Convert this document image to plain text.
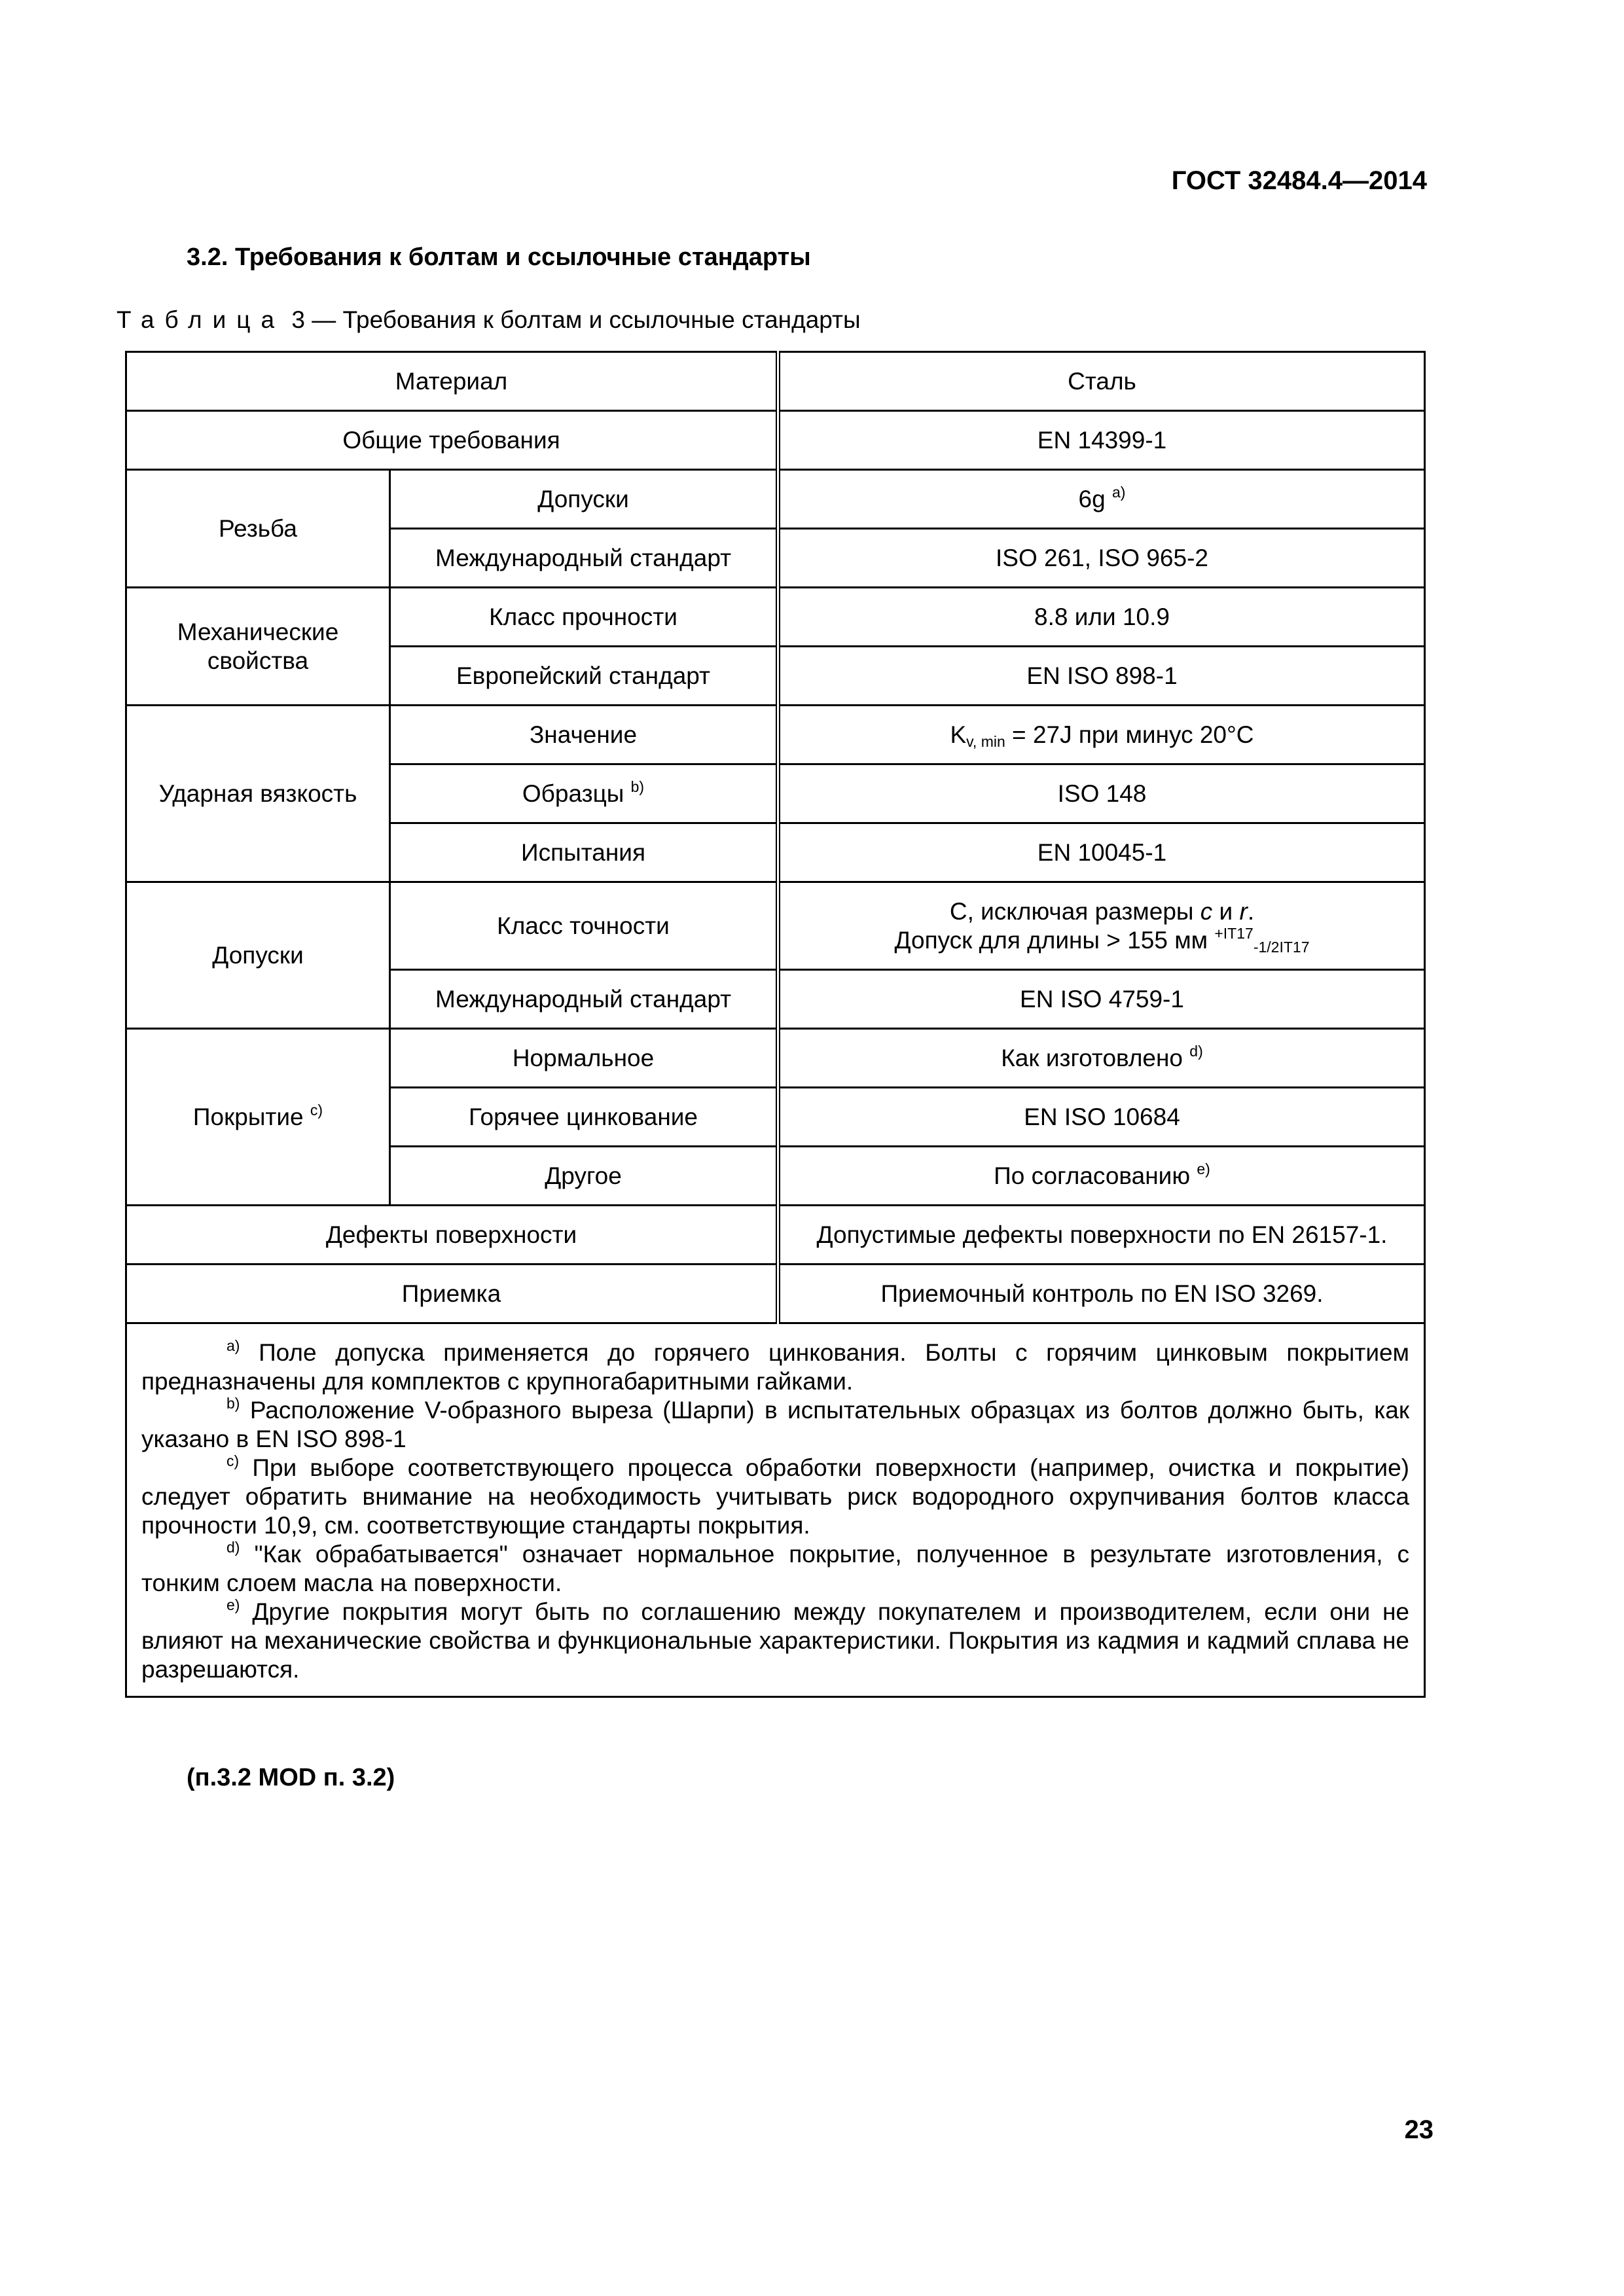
ГОСТ 32484.4—2014
3.2. Требования к болтам и ссылочные стандарты
Таблица 3 — Требования к болтам и ссылочные стандарты
Материал		Сталь
Общие требования		EN 14399-1
Резьба	Допуски	6g $^{a)}$
	Международный стандарт	ISO 261, ISO 965-2
Механические свойства	Класс прочности	8.8 или 10.9
	Европейский стандарт	EN ISO 898-1
Ударная вязкость	Значение	$K_{v, min} = 27J$ при минус 20°C
	Образцы $^{b)}$	ISO 148
	Испытания	EN 10045-1
Допуски	Класс точности	C, исключая размеры c и r.
Допуск для длины > 155 мм $^{+IT17}_{-1/2IT17}$

	Международный стандарт	EN ISO 4759-1
Покрытие $^{c)}$	Нормальное	Как изготовлено $^{d)}$
	Горячее цинкование	EN ISO 10684
	Другое	По согласованию $^{e)}$
Дефекты поверхности		Допустимые дефекты поверхности по EN 26157-1.
Приемка		Приемочный контроль по EN ISO 3269.

$^{a)}$ Поле допуска применяется до горячего цинкования. Болты с горячим цинковым покрытием предназначены для комплектов с крупногабаритными гайками.

$^{b)}$ Расположение V-образного выреза (Шарпи) в испытательных образцах из болтов должно быть, как указано в EN ISO 898-1

$^{c)}$ При выборе соответствующего процесса обработки поверхности (например, очистка и покрытие) следует обратить внимание на необходимость учитывать риск водородного охрупчивания болтов класса прочности 10,9, см. соответствующие стандарты покрытия.

$^{d)}$ "Как обрабатывается" означает нормальное покрытие, полученное в результате изготовления, с тонким слоем масла на поверхности.

$^{e)}$ Другие покрытия могут быть по соглашению между покупателем и производителем, если они не влияют на механические свойства и функциональные характеристики. Покрытия из кадмия и кадмий сплава не разрешаются.		

(п.3.2 MOD п. 3.2)
23
